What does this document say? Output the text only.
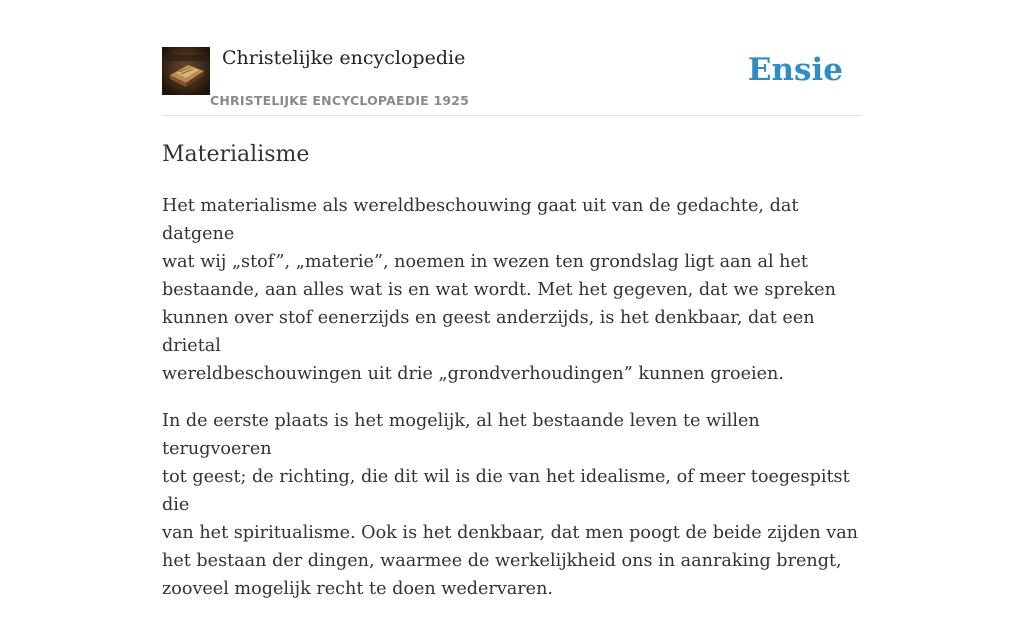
Christelijke encyclopedie
CHRISTELIJKE ENCYCLOPAEDIE 1925
Ensie
Materialisme

Het materialisme als wereldbeschouwing gaat uit van de gedachte, dat datgene
wat wij „stof”, „materie”, noemen in wezen ten grondslag ligt aan al het
bestaande, aan alles wat is en wat wordt. Met het gegeven, dat we spreken
kunnen over stof eenerzijds en geest anderzijds, is het denkbaar, dat een drietal
wereldbeschouwingen uit drie „grondverhoudingen” kunnen groeien.

In de eerste plaats is het mogelijk, al het bestaande leven te willen terugvoeren
tot geest; de richting, die dit wil is die van het idealisme, of meer toegespitst die
van het spiritualisme. Ook is het denkbaar, dat men poogt de beide zijden van
het bestaan der dingen, waarmee de werkelijkheid ons in aanraking brengt,
zooveel mogelijk recht te doen wedervaren.
